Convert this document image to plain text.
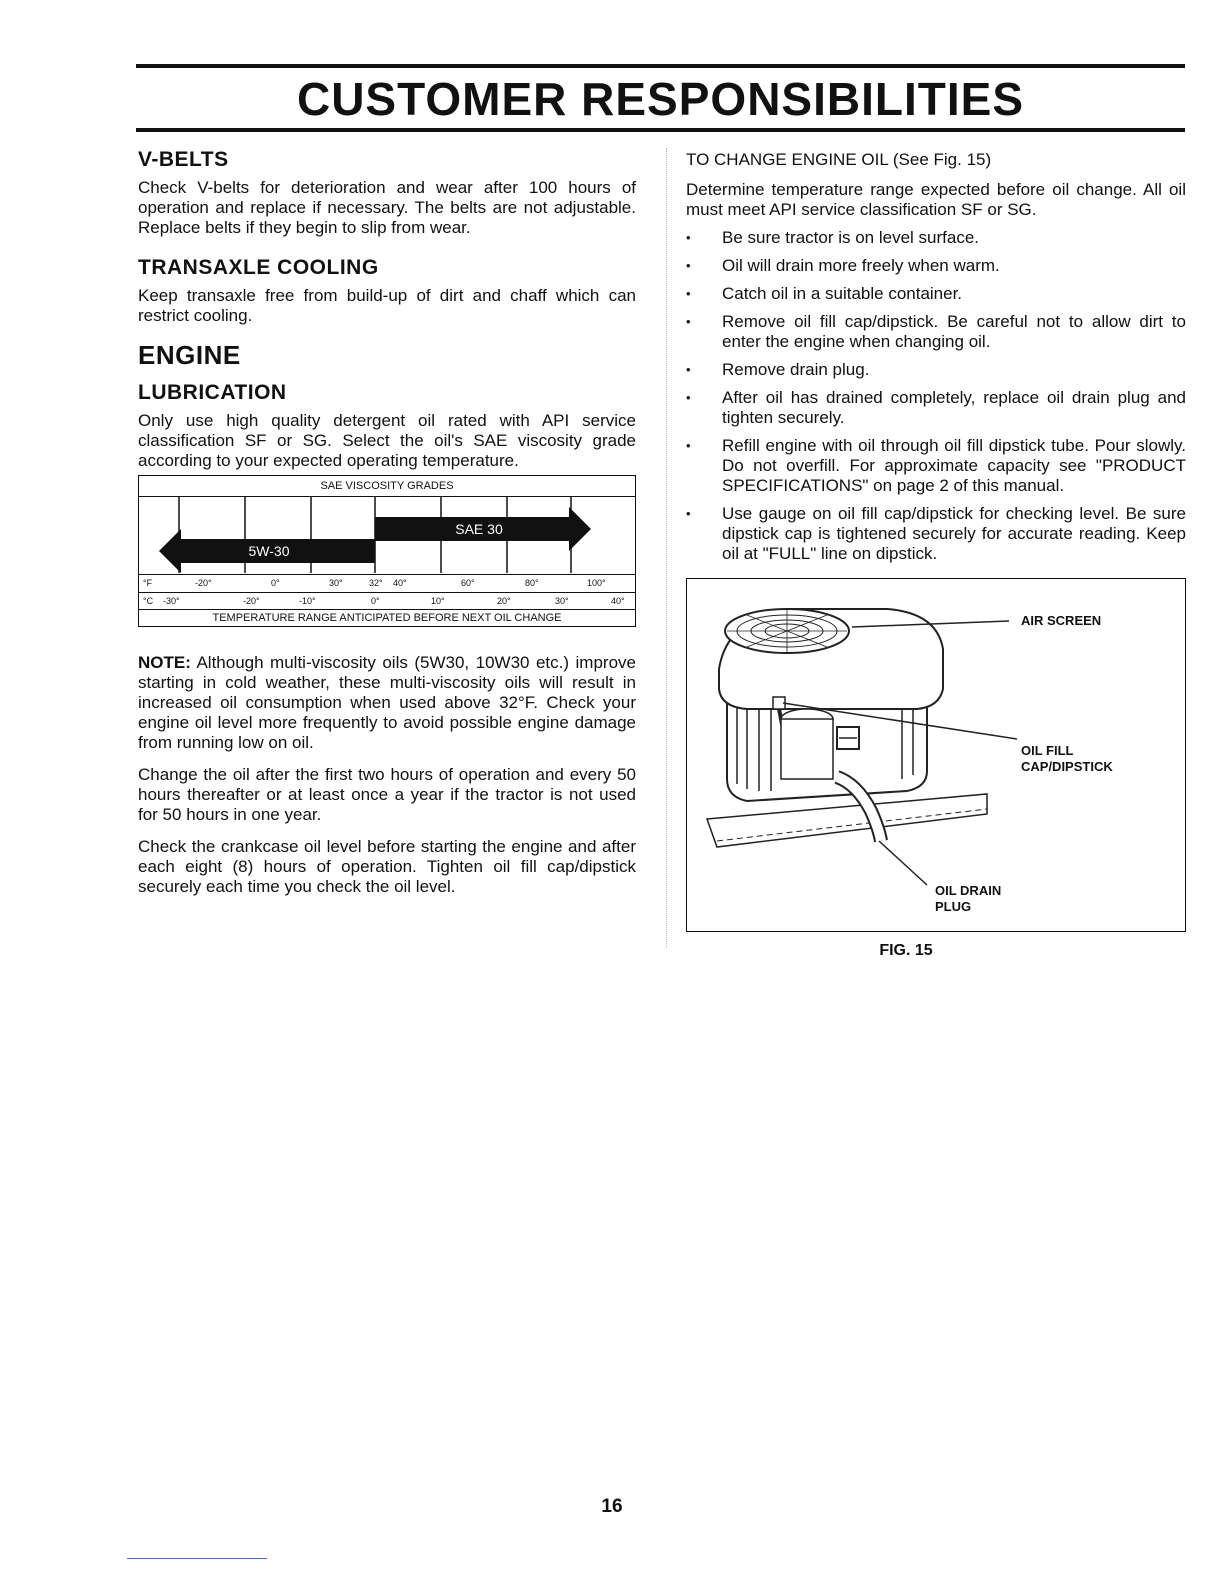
CUSTOMER RESPONSIBILITIES
V-BELTS

Check V-belts for deterioration and wear after 100 hours of operation and replace if necessary. The belts are not adjustable. Replace belts if they begin to slip from wear.

TRANSAXLE COOLING

Keep transaxle free from build-up of dirt and chaff which can restrict cooling.

ENGINE
LUBRICATION

Only use high quality detergent oil rated with API service classification SF or SG. Select the oil's SAE viscosity grade according to your expected operating temperature.

SAE VISCOSITY GRADES
SAE 30
5W-30
°F	-20°	0°	30°	32° 40°	60°	80°	100°
°C -30°	-20°	-10°	0°	10°	20°	30°	40°
TEMPERATURE RANGE ANTICIPATED BEFORE NEXT OIL CHANGE

NOTE: Although multi-viscosity oils (5W30, 10W30 etc.) improve starting in cold weather, these multi-viscosity oils will result in increased oil consumption when used above 32°F. Check your engine oil level more frequently to avoid possible engine damage from running low on oil.

Change the oil after the first two hours of operation and every 50 hours thereafter or at least once a year if the tractor is not used for 50 hours in one year.

Check the crankcase oil level before starting the engine and after each eight (8) hours of operation. Tighten oil fill cap/dipstick securely each time you check the oil level.

TO CHANGE ENGINE OIL (See Fig. 15)

Determine temperature range expected before oil change. All oil must meet API service classification SF or SG.

• Be sure tractor is on level surface.
• Oil will drain more freely when warm.
• Catch oil in a suitable container.
• Remove oil fill cap/dipstick. Be careful not to allow dirt to enter the engine when changing oil.
• Remove drain plug.
• After oil has drained completely, replace oil drain plug and tighten securely.
• Refill engine with oil through oil fill dipstick tube. Pour slowly. Do not overfill. For approximate capacity see "PRODUCT SPECIFICATIONS" on page 2 of this manual.
• Use gauge on oil fill cap/dipstick for checking level. Be sure dipstick cap is tightened securely for accurate reading. Keep oil at "FULL" line on dipstick.
AIR SCREEN
OIL FILL
CAP/DIPSTICK
OIL DRAIN
PLUG
FIG. 15
16
